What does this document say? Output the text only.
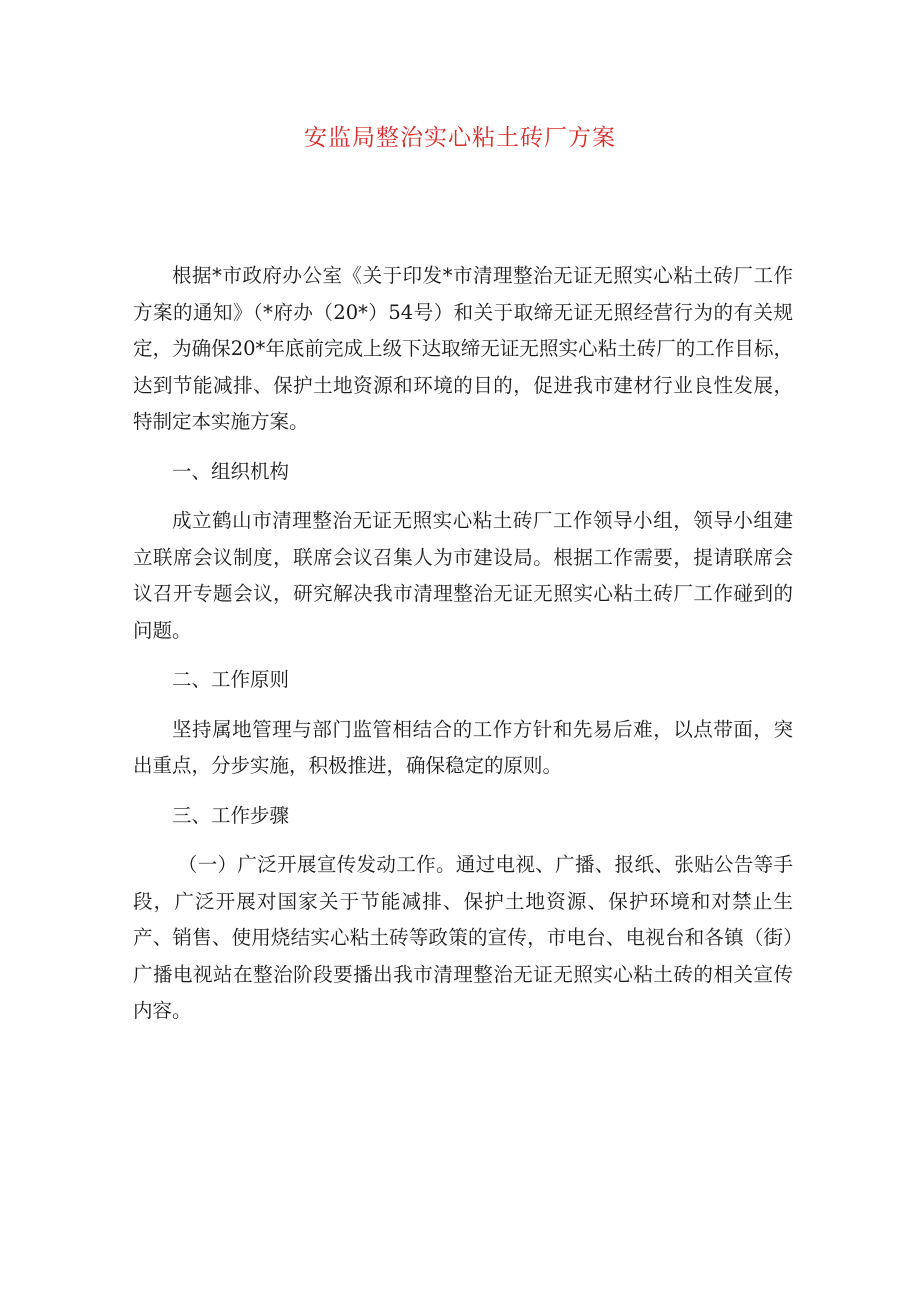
安监局整治实心粘土砖厂方案

根据*市政府办公室《关于印发*市清理整治无证无照实心粘土砖厂工作方案的通知》（*府办（20*）54号）和关于取缔无证无照经营行为的有关规定，为确保20*年底前完成上级下达取缔无证无照实心粘土砖厂的工作目标，达到节能减排、保护土地资源和环境的目的，促进我市建材行业良性发展，特制定本实施方案。

一、组织机构

成立鹤山市清理整治无证无照实心粘土砖厂工作领导小组，领导小组建立联席会议制度，联席会议召集人为市建设局。根据工作需要，提请联席会议召开专题会议，研究解决我市清理整治无证无照实心粘土砖厂工作碰到的问题。

二、工作原则

坚持属地管理与部门监管相结合的工作方针和先易后难，以点带面，突出重点，分步实施，积极推进，确保稳定的原则。

三、工作步骤

（一）广泛开展宣传发动工作。通过电视、广播、报纸、张贴公告等手段，广泛开展对国家关于节能减排、保护土地资源、保护环境和对禁止生产、销售、使用烧结实心粘土砖等政策的宣传，市电台、电视台和各镇（街）广播电视站在整治阶段要播出我市清理整治无证无照实心粘土砖的相关宣传内容。
